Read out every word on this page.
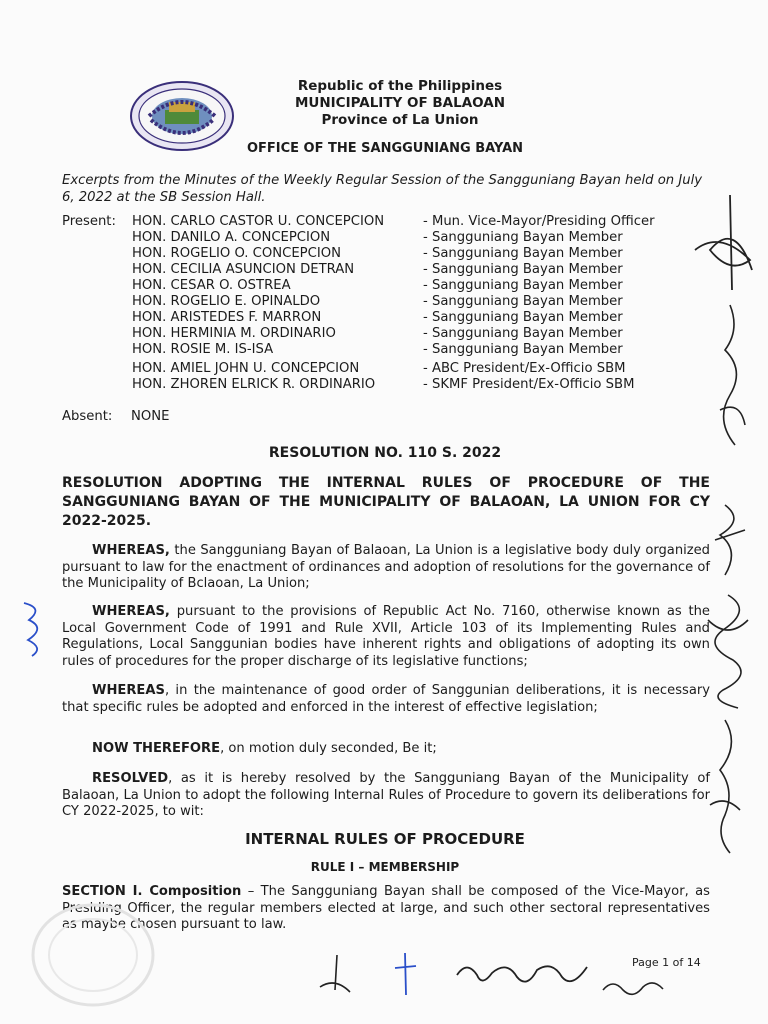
Republic of the Philippines
MUNICIPALITY OF BALAOAN
Province of La Union
OFFICE OF THE SANGGUNIANG BAYAN
Excerpts from the Minutes of the Weekly Regular Session of the Sangguniang Bayan held on July 6, 2022 at the SB Session Hall.
Present: HON. CARLO CASTOR U. CONCEPCION	- Mun. Vice-Mayor/Presiding Officer
HON. DANILO A. CONCEPCION	- Sangguniang Bayan Member
HON. ROGELIO O. CONCEPCION	- Sangguniang Bayan Member
HON. CECILIA ASUNCION DETRAN	- Sangguniang Bayan Member
HON. CESAR O. OSTREA	- Sangguniang Bayan Member
HON. ROGELIO E. OPINALDO	- Sangguniang Bayan Member
HON. ARISTEDES F. MARRON	- Sangguniang Bayan Member
HON. HERMINIA M. ORDINARIO	- Sangguniang Bayan Member
HON. ROSIE M. IS-ISA	- Sangguniang Bayan Member
HON. AMIEL JOHN U. CONCEPCION	- ABC President/Ex-Officio SBM
HON. ZHOREN ELRICK R. ORDINARIO	- SKMF President/Ex-Officio SBM
Absent: NONE
RESOLUTION NO. 110 S. 2022
RESOLUTION ADOPTING THE INTERNAL RULES OF PROCEDURE OF THE SANGGUNIANG BAYAN OF THE MUNICIPALITY OF BALAOAN, LA UNION FOR CY 2022-2025.
WHEREAS, the Sangguniang Bayan of Balaoan, La Union is a legislative body duly organized pursuant to law for the enactment of ordinances and adoption of resolutions for the governance of the Municipality of Bclaoan, La Union;
WHEREAS, pursuant to the provisions of Republic Act No. 7160, otherwise known as the Local Government Code of 1991 and Rule XVII, Article 103 of its Implementing Rules and Regulations, Local Sanggunian bodies have inherent rights and obligations of adopting its own rules of procedures for the proper discharge of its legislative functions;
WHEREAS, in the maintenance of good order of Sanggunian deliberations, it is necessary that specific rules be adopted and enforced in the interest of effective legislation;
NOW THEREFORE, on motion duly seconded, Be it;
RESOLVED, as it is hereby resolved by the Sangguniang Bayan of the Municipality of Balaoan, La Union to adopt the following Internal Rules of Procedure to govern its deliberations for CY 2022-2025, to wit:
INTERNAL RULES OF PROCEDURE
RULE I – MEMBERSHIP
SECTION I. Composition – The Sangguniang Bayan shall be composed of the Vice-Mayor, as Presiding Officer, the regular members elected at large, and such other sectoral representatives as maybe chosen pursuant to law.
Page 1 of 14
